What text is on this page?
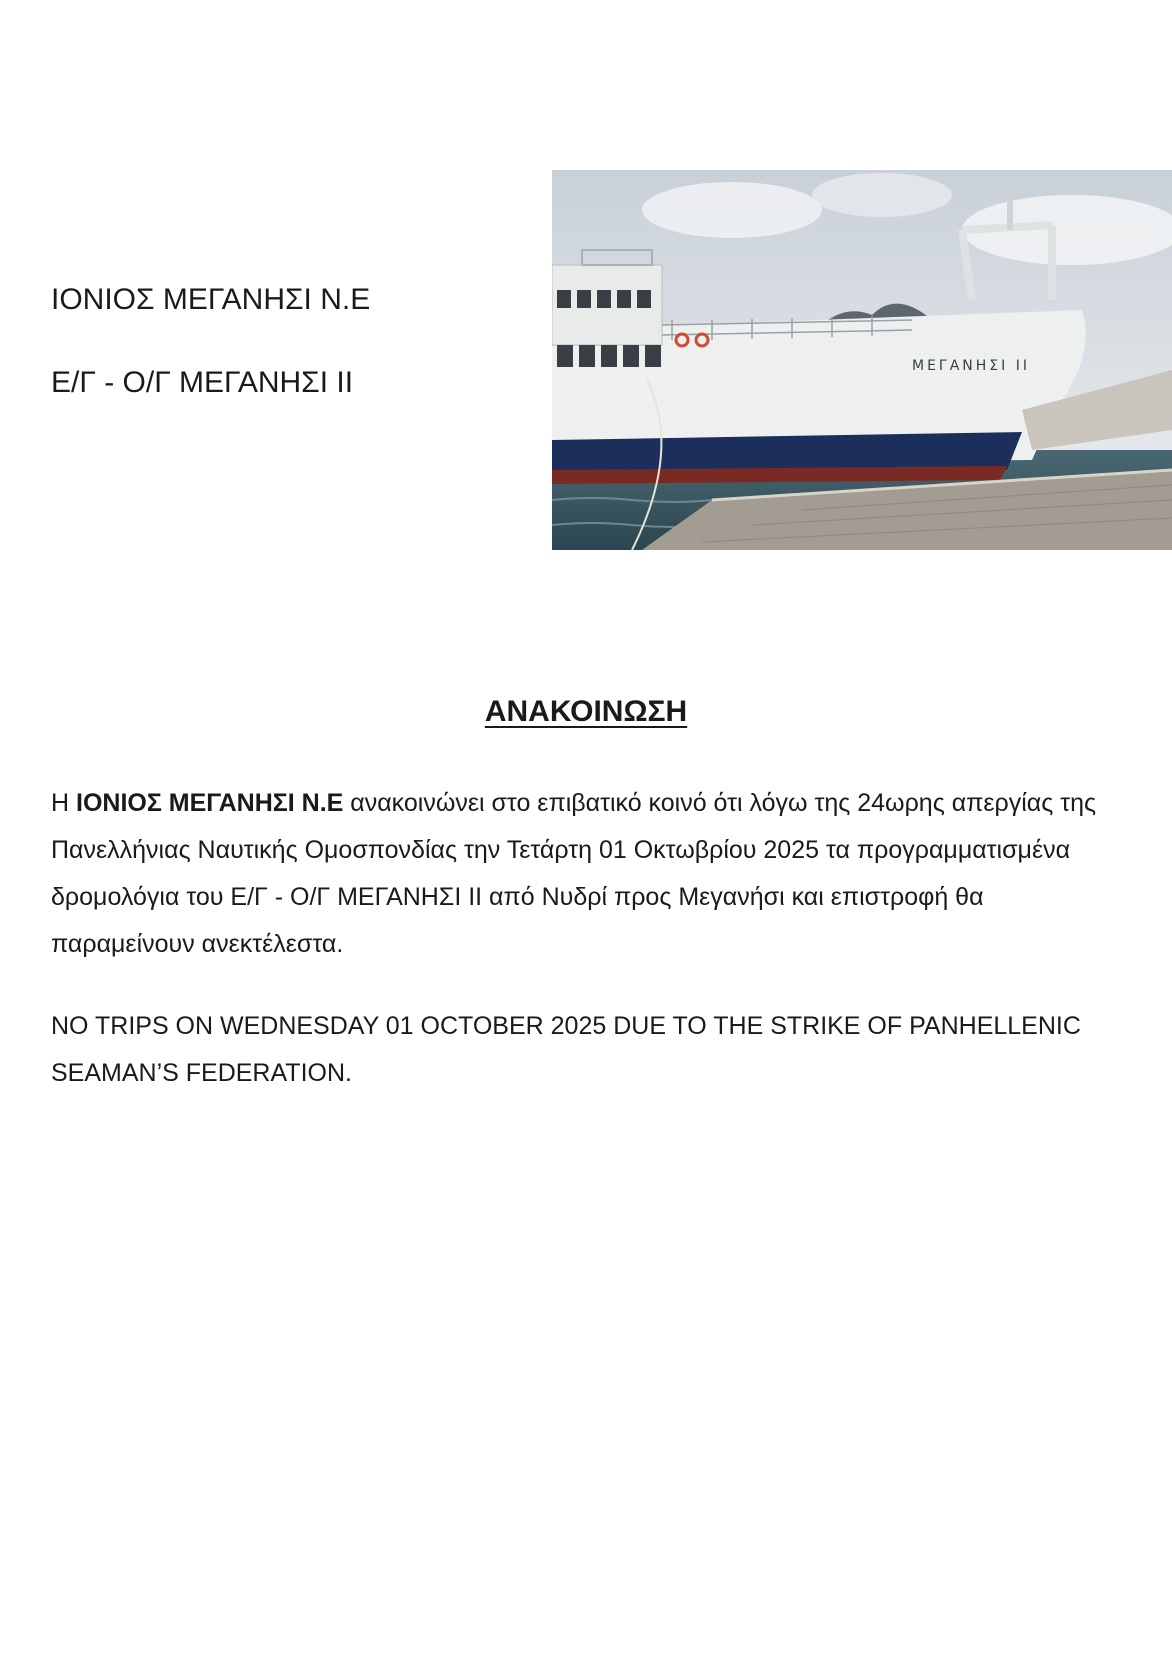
ΙΟΝΙΟΣ ΜΕΓΑΝΗΣΙ Ν.Ε
Ε/Γ - Ο/Γ ΜΕΓΑΝΗΣΙ ΙΙ	ΜΕΓΑΝΗΣΙ ΙΙ
ΑΝΑΚΟΙΝΩΣΗ
Η ΙΟΝΙΟΣ ΜΕΓΑΝΗΣΙ Ν.Ε ανακοινώνει στο επιβατικό κοινό ότι λόγω της 24ωρης απεργίας της Πανελλήνιας Ναυτικής Ομοσπονδίας την Τετάρτη 01 Οκτωβρίου 2025 τα προγραμματισμένα δρομολόγια του Ε/Γ - Ο/Γ ΜΕΓΑΝΗΣΙ ΙΙ από Νυδρί προς Μεγανήσι και επιστροφή θα παραμείνουν ανεκτέλεστα.
NO TRIPS ON WEDNESDAY 01 OCTOBER 2025 DUE TO THE STRIKE OF PANHELLENIC SEAMAN’S FEDERATION.
